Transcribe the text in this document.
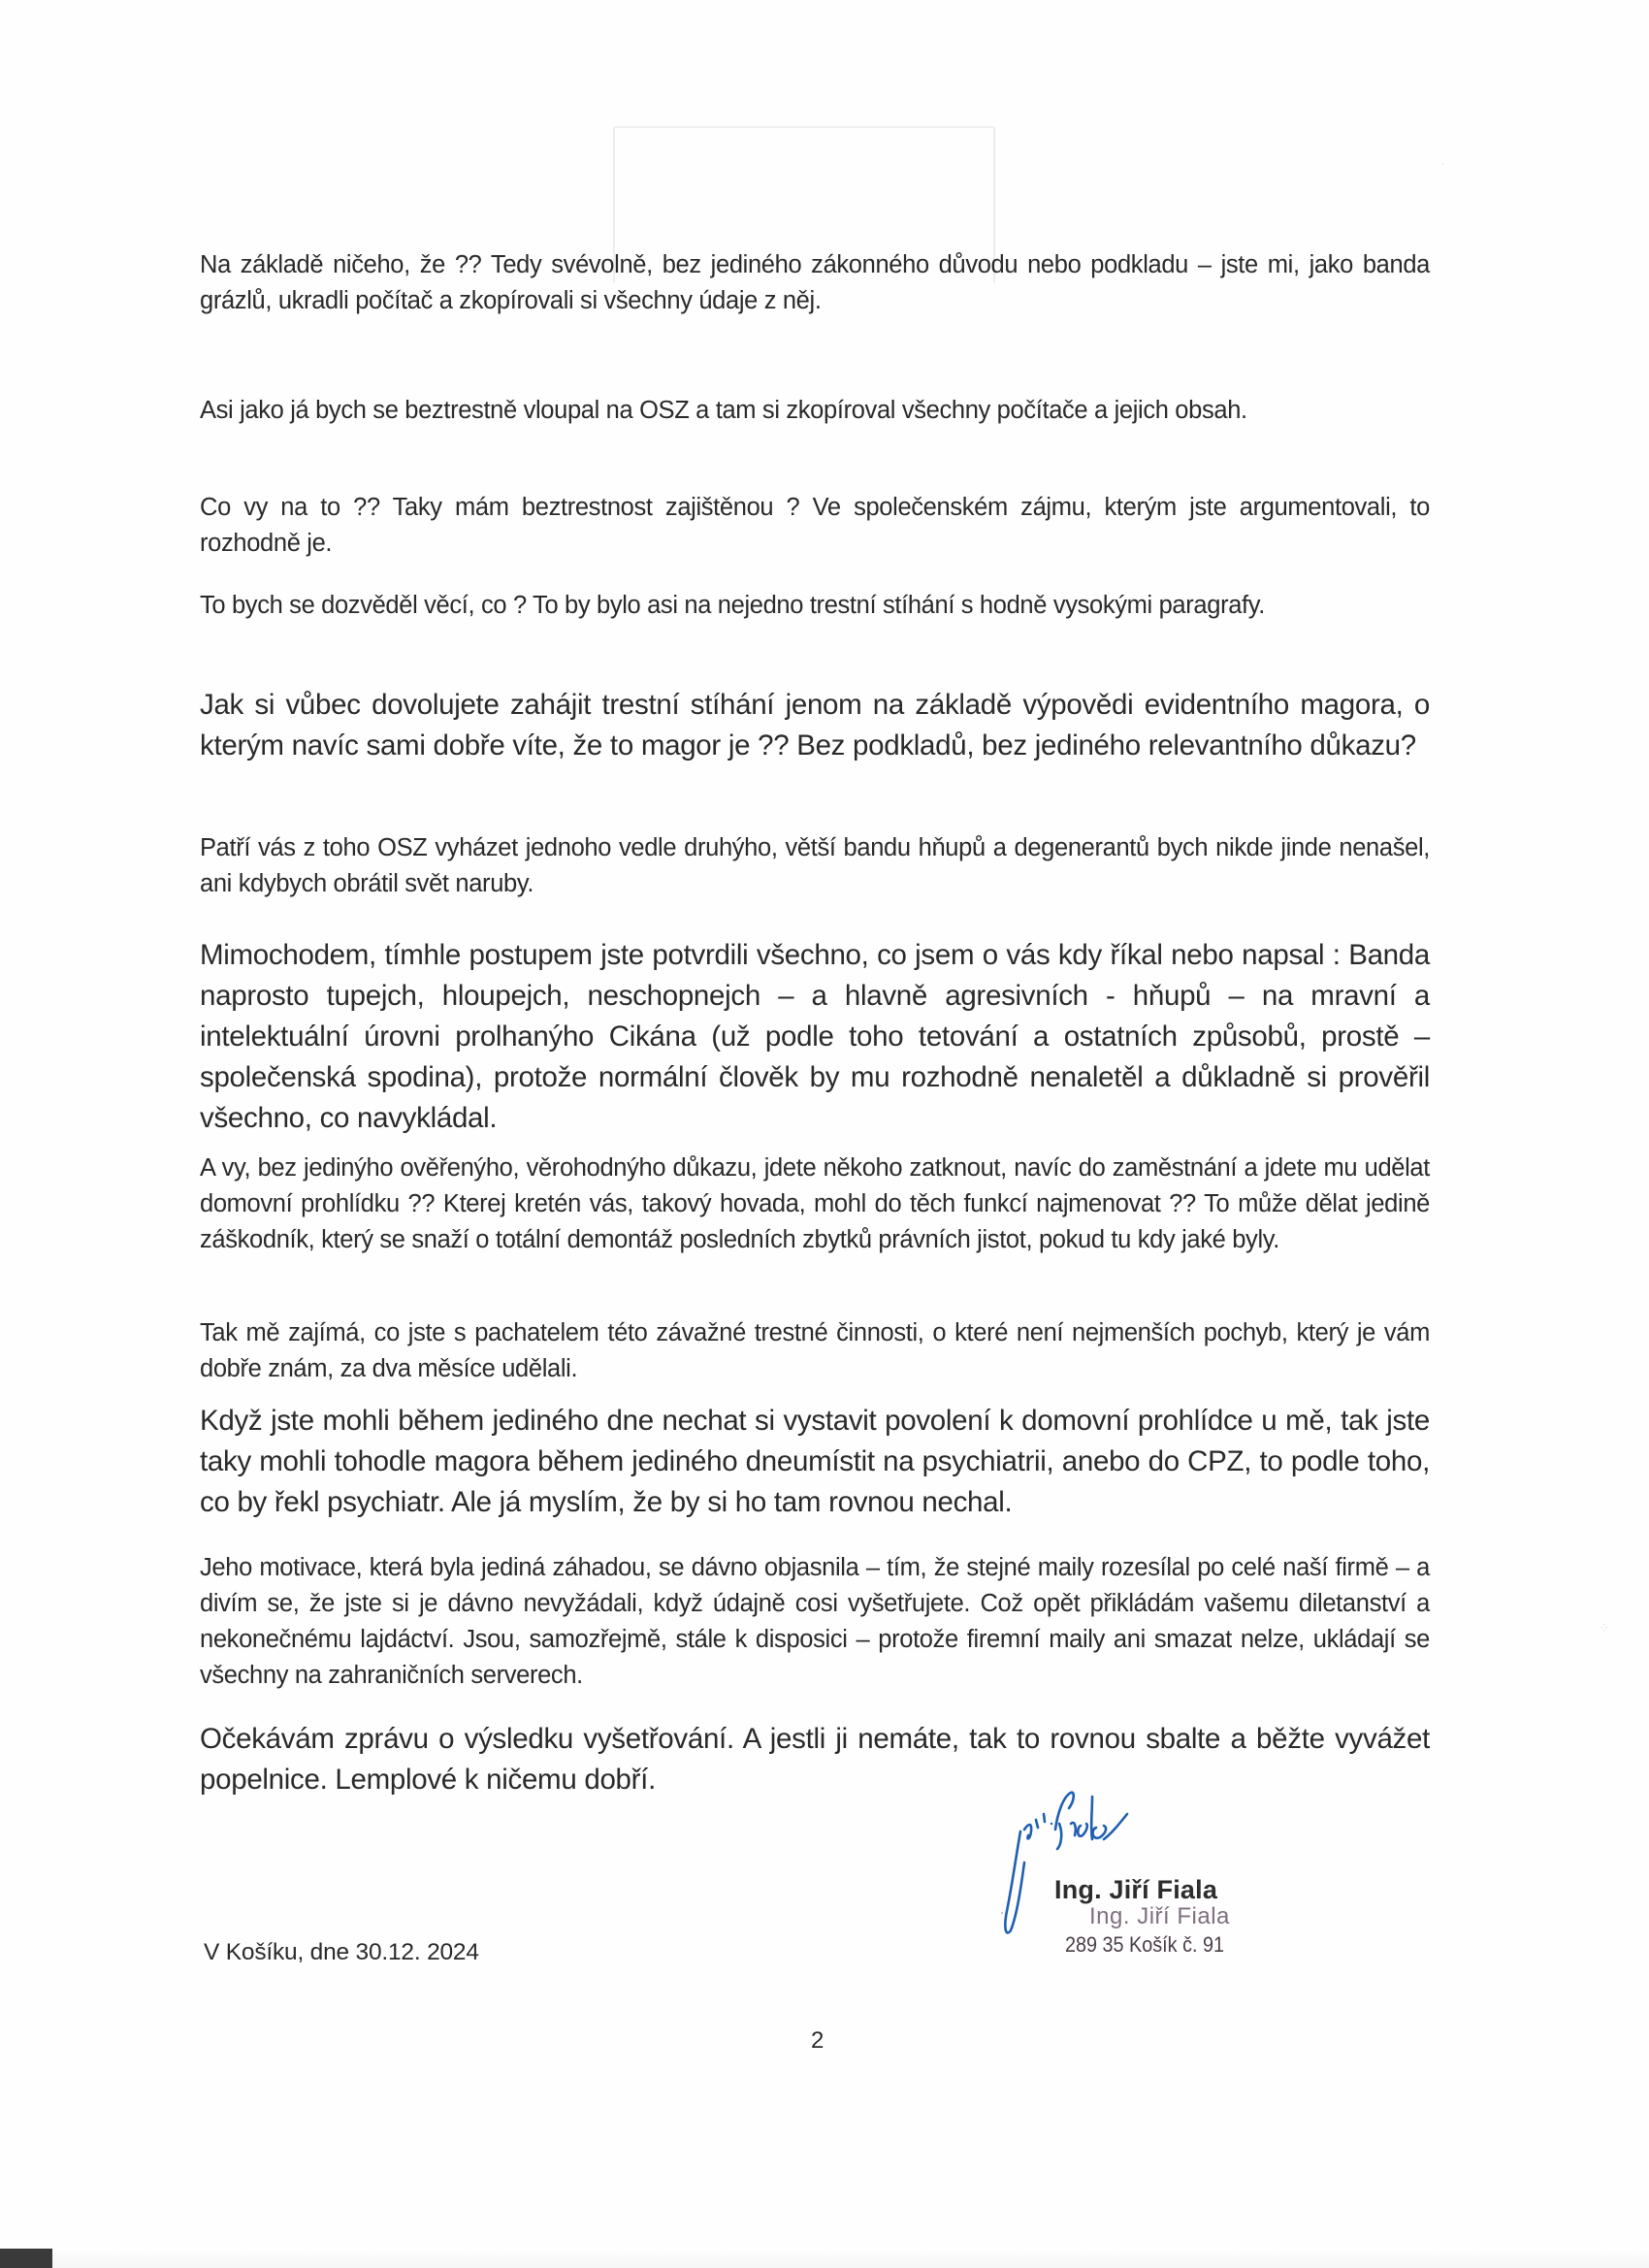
·
⁘

Na základě ničeho, že ?? Tedy svévolně, bez jediného zákonného důvodu nebo podkladu – jste mi, jako banda grázlů, ukradli počítač a zkopírovali si všechny údaje z něj.

Asi jako já bych se beztrestně vloupal na OSZ a tam si zkopíroval všechny počítače a jejich obsah.

Co vy na to ?? Taky mám beztrestnost zajištěnou ? Ve společenském zájmu, kterým jste argumentovali, to rozhodně je.

To bych se dozvěděl věcí, co ? To by bylo asi na nejedno trestní stíhání s hodně vysokými paragrafy.

Jak si vůbec dovolujete zahájit trestní stíhání jenom na základě výpovědi evidentního magora, o kterým navíc sami dobře víte, že to magor je ?? Bez podkladů, bez jediného relevantního důkazu?

Patří vás z toho OSZ vyházet jednoho vedle druhýho, větší bandu hňupů a degenerantů bych nikde jinde nenašel, ani kdybych obrátil svět naruby.

Mimochodem, tímhle postupem jste potvrdili všechno, co jsem o vás kdy říkal nebo napsal : Banda naprosto tupejch, hloupejch, neschopnejch – a hlavně agresivních - hňupů – na mravní a intelektuální úrovni prolhanýho Cikána (už podle toho tetování a ostatních způsobů, prostě – společenská spodina), protože normální člověk by mu rozhodně nenaletěl a důkladně si prověřil všechno, co navykládal.

A vy, bez jedinýho ověřenýho, věrohodnýho důkazu, jdete někoho zatknout, navíc do zaměstnání a jdete mu udělat domovní prohlídku ?? Kterej kretén vás, takový hovada, mohl do těch funkcí najmenovat ?? To může dělat jedině záškodník, který se snaží o totální demontáž posledních zbytků právních jistot, pokud tu kdy jaké byly.

Tak mě zajímá, co jste s pachatelem této závažné trestné činnosti, o které není nejmenších pochyb, který je vám dobře znám, za dva měsíce udělali.

Když jste mohli během jediného dne nechat si vystavit povolení k domovní prohlídce u mě, tak jste taky mohli tohodle magora během jediného dneumístit na psychiatrii, anebo do CPZ, to podle toho, co by řekl psychiatr. Ale já myslím, že by si ho tam rovnou nechal.

Jeho motivace, která byla jediná záhadou, se dávno objasnila – tím, že stejné maily rozesílal po celé naší firmě – a divím se, že jste si je dávno nevyžádali, když údajně cosi vyšetřujete. Což opět přikládám vašemu diletanství a nekonečnému lajdáctví. Jsou, samozřejmě, stále k disposici – protože firemní maily ani smazat nelze, ukládají se všechny na zahraničních serverech.

Očekávám zprávu o výsledku vyšetřování. A jestli ji nemáte, tak to rovnou sbalte a běžte vyvážet popelnice. Lemplové k ničemu dobří.

Ing. Jiří Fiala
Ing. Jiří Fiala
289 35 Košík č. 91
V Košíku, dne 30.12. 2024
2
